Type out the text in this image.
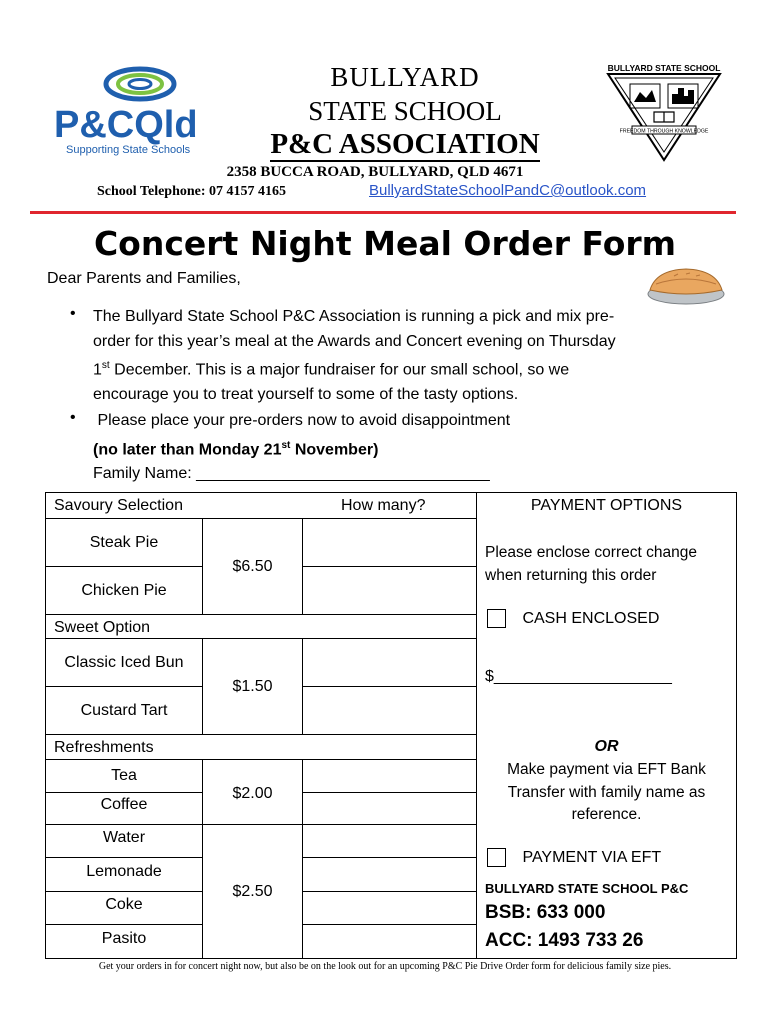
P&CQld
Supporting State Schools
BULLYARD
STATE SCHOOL
P&C ASSOCIATION
2358 BUCCA ROAD, BULLYARD, QLD 4671
School Telephone: 07 4157 4165	BullyardStateSchoolPandC@outlook.com
BULLYARD STATE SCHOOL
FREEDOM THROUGH KNOWLEDGE
Concert Night Meal Order Form
Dear Parents and Families,
• The Bullyard State School P&C Association is running a pick and mix pre-
order for this year’s meal at the Awards and Concert evening on Thursday
1st December. This is a major fundraiser for our small school, so we
encourage you to treat yourself to some of the tasty options.
• Please place your pre-orders now to avoid disappointment
(no later than Monday 21st November)
Family Name: _________________________________
Savoury Selection	How many?
Steak Pie
Chicken Pie
$6.50
Sweet Option
Classic Iced Bun
Custard Tart
$1.50
Refreshments
Tea
Coffee
$2.00
Water
Lemonade
Coke
Pasito
$2.50
PAYMENT OPTIONS
Please enclose correct change
when returning this order
CASH ENCLOSED
$____________________
OR
Make payment via EFT Bank
Transfer with family name as
reference.
PAYMENT VIA EFT
BULLYARD STATE SCHOOL P&C
BSB: 633 000
ACC: 1493 733 26
Get your orders in for concert night now, but also be on the look out for an upcoming P&C Pie Drive Order form for delicious family size pies.
